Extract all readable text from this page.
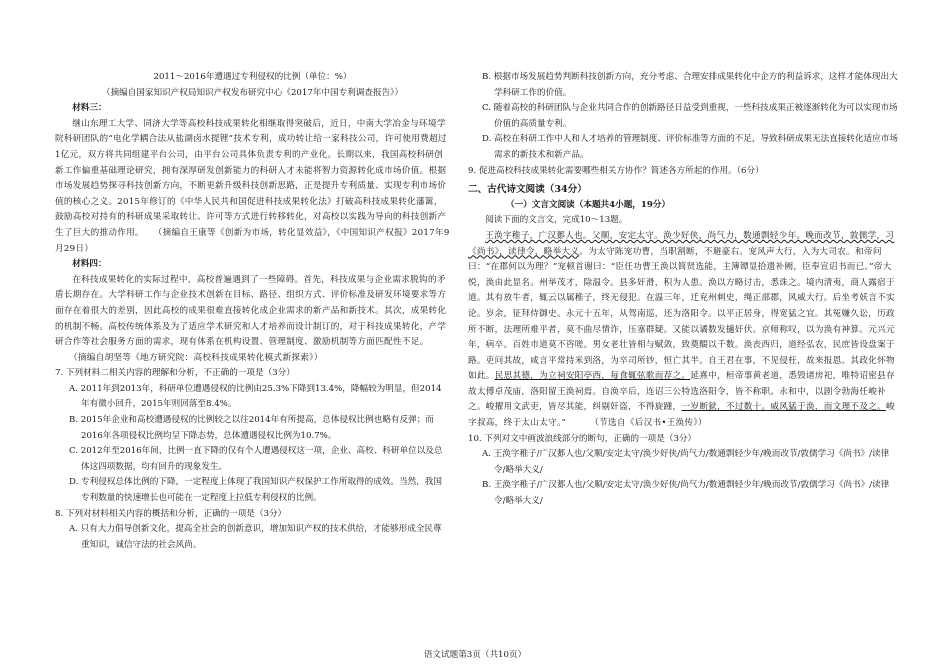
2011～2016年遭遇过专利侵权的比例（单位：%）

（摘编自国家知识产权局知识产权发布研究中心《2017年中国专利调查报告》）

材料三：

继山东理工大学、同济大学等高校科技成果转化相继取得突破后，近日，中南大学冶金与环境学院科研团队的“电化学耦合法从盐湖卤水提锂”技术专利，成功转让给一家科技公司，许可使用费超过1亿元，双方将共同组建平台公司，由平台公司具体负责专利的产业化。长期以来，我国高校科研创新工作偏重基础理论研究，拥有深厚研发创新能力的科研人才未能将智力资源转化成市场价值。根据市场发展趋势探寻科技创新方向，不断更新升级科技创新思路，正是提升专利质量、实现专利市场价值的核心之义。2015年修订的《中华人民共和国促进科技成果转化法》打破高科技成果转化藩篱，鼓励高校对持有的科研成果采取转让、许可等方式进行转移转化，对高校以实践为导向的科技创新产生了巨大的推动作用。 （摘编自王康等《创新为市场，转化显效益》，《中国知识产权报》2017年9月29日）

材料四：

在科技成果转化的实际过程中，高校普遍遇到了一些障碍。首先，科技成果与企业需求脱钩的矛盾长期存在。大学科研工作与企业技术创新在目标、路径、组织方式、评价标准及研发环境要求等方面存在着很大的差别，因此高校的成果很难直接转化成企业需求的新产品和新技术。其次，成果转化的机制不畅。高校传统体系及为了适应学术研究和人才培养而设计制订的，对于科技成果转化，产学研合作等社会服务方面的需求，现有体系在机构设置、管理制度、激励机制等方面匹配性不足。（摘编自胡坚等《地方研究院：高校科技成果转化模式新探索》）

7. 下列材料二相关内容的理解和分析，不正确的一项是（3分）

A. 2011年到2013年，科研单位遭遇侵权的比例由25.3%下降到13.4%，降幅较为明显，但2014年有微小回升，2015年则回落至8.4%。

B. 2015年企业和高校遭遇侵权的比例较之以往2014年有所提高，总体侵权比例也略有反弹；而2016年各项侵权比例均呈下降态势，总体遭遇侵权比例为10.7%。

C. 2012年至2016年间，比例一直下降的仅有个人遭遇侵权这一项，企业、高校、科研单位以及总体这四项数据，均有回升的现象发生。

D. 专利侵权总体比例的下降，一定程度上体现了我国知识产权保护工作所取得的成效。当然，我国专利数量的快速增长也可能在一定程度上拉低专利侵权的比例。

8. 下列对材料相关内容的概括和分析，正确的一项是（3分）

A. 只有大力倡导创新文化，提高全社会的创新意识，增加知识产权的技术供给，才能够形成全民尊重知识，诚信守法的社会风尚。

B. 根据市场发展趋势判断科技创新方向，充分考虑、合理安排成果转化中企方的利益诉求，这样才能体现出大学科研工作的价值。

C. 随着高校的科研团队与企业共同合作的创新路径日益受到重视，一些科技成果正被逐渐转化为可以实现市场价值的高质量专利。

D. 高校在科研工作中人和人才培养的管理制度、评价标准等方面的不足，导致科研成果无法直接转化适应市场需求的新技术和新产品。

9. 促进高校科技成果转化需要哪些相关方协作？简述各方所起的作用。（6分）

二、古代诗文阅读（34分）

（一）文言文阅读（本题共4小题，19分）

阅读下面的文言文，完成10～13题。

王涣字稚子，广汉郪人也。父顺，安定太守。涣少好侠，尚气力，数通剽轻少年。晚而改节，敦儒学，习《尚书》，读律令，略举大义。为太守陈宠功曹，当职割断，不避豪右。宠风声大行，入为大司农。和帝问曰：“在郡何以为理？”宠顿首谢曰：“臣任功曹王涣以简贤选能，主簿镡显拾遗补阙，臣奉宣诏书而已。”帝大悦，涣由此显名。州举茂才，除温令。县多奸滑，积为人患。涣以方略讨击，悉诛之。境内清夷，商人露宿于道。其有放牛者，辄云以属稚子，终无侵犯。在温三年，迁兖州刺史，绳正部郡，风威大行。后坐考妖言不实论。岁余，征拜侍御史。永元十五年，从驾南巡，还为洛阳令。以平正居身，得宽猛之宜。其冤嫌久讼，历政所不断，法理所难平者，莫不曲尽情诈，压塞群疑。又能以谲数发擿奸伏。京师称叹，以为涣有神算。元兴元年，病卒。百姓市道莫不咨嗟。男女老壮皆相与赋敛，致奠醊以千数。涣丧西归，道经弘农，民庶皆设盘案于路。吏问其故，咸言平常持米到洛，为卒司所钞，恒亡其半。自王君在事，不见侵枉，故来报恩。其政化怀物如此。民思其德，为立祠安阳亭西，每食辄弦歌而荐之。延熹中，桓帝事黄老道，悉毁诸房祀，唯特诏密县存故太傅卓茂庙，洛阳留王涣祠焉。自涣卒后，连诏三公特选洛阳令，皆不称职。永和中，以剧令勃海任峻补之。峻擢用文武吏，皆尽其能，纠剔奸盗，不得旋踵，一岁断狱，不过数十。威风猛于涣，而文理不及之。峻字叔高，终于太山太守。”	（节选自《后汉书•王涣传》）

10. 下列对文中画波浪线部分的断句，正确的一项是（3分）

A. 王涣字稚子/广汉郪人也/父顺/安定太守/涣少好侠/尚气力/数通剽轻少年/晚而改节/敦儒学习《尚书》/读律令/略举大义/

B. 王涣字稚子/广汉郪人也/父顺/安定太守/涣少好侠/尚气力/数通剽轻少年/晚而改节/敦儒学习《尚书》/读律令/略举大义/

语文试题第3页（共10页）
